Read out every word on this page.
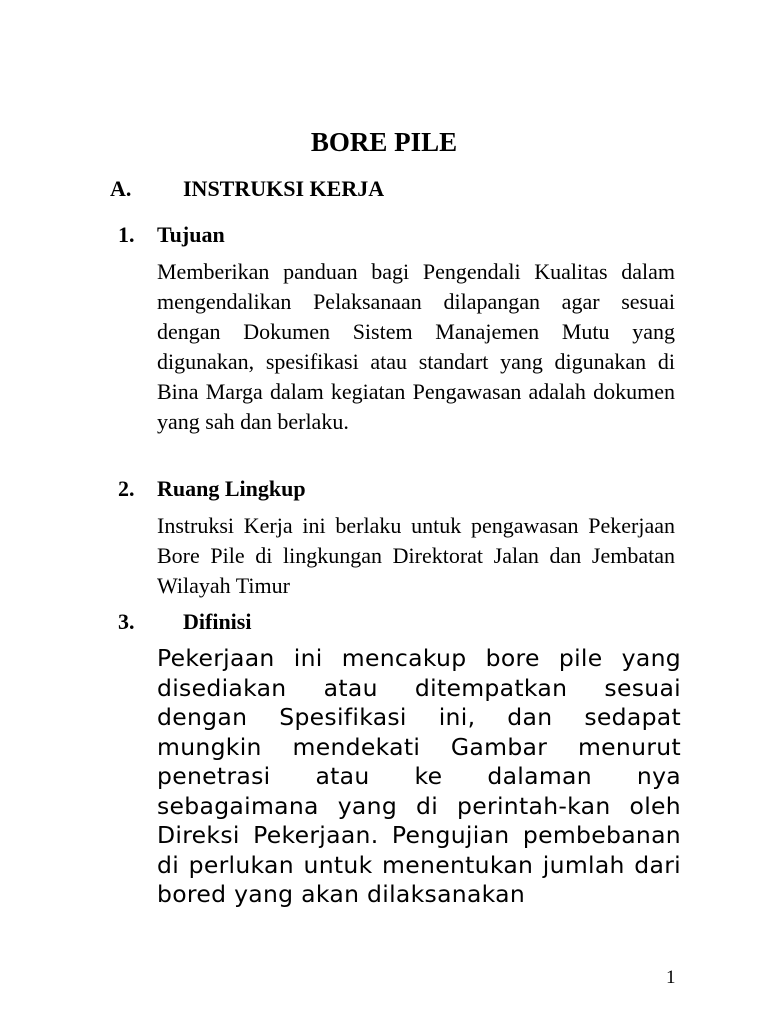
BORE PILE
A. INSTRUKSI KERJA
1. Tujuan
Memberikan panduan bagi Pengendali Kualitas dalam mengendalikan Pelaksanaan dilapangan agar sesuai dengan Dokumen Sistem Manajemen Mutu yang digunakan, spesifikasi atau standart yang digunakan di Bina Marga dalam kegiatan Pengawasan adalah dokumen yang sah dan berlaku.
2. Ruang Lingkup
Instruksi Kerja ini berlaku untuk pengawasan Pekerjaan Bore Pile di lingkungan Direktorat Jalan dan Jembatan Wilayah Timur
3. Difinisi
Pekerjaan ini mencakup bore pile yang disediakan atau ditempatkan sesuai dengan Spesifikasi ini, dan sedapat mungkin mendekati Gambar menurut penetrasi atau ke dalaman nya sebagaimana yang di perintah-kan oleh Direksi Pekerjaan. Pengujian pembebanan di perlukan untuk menentukan jumlah dari bored yang akan dilaksanakan
1
